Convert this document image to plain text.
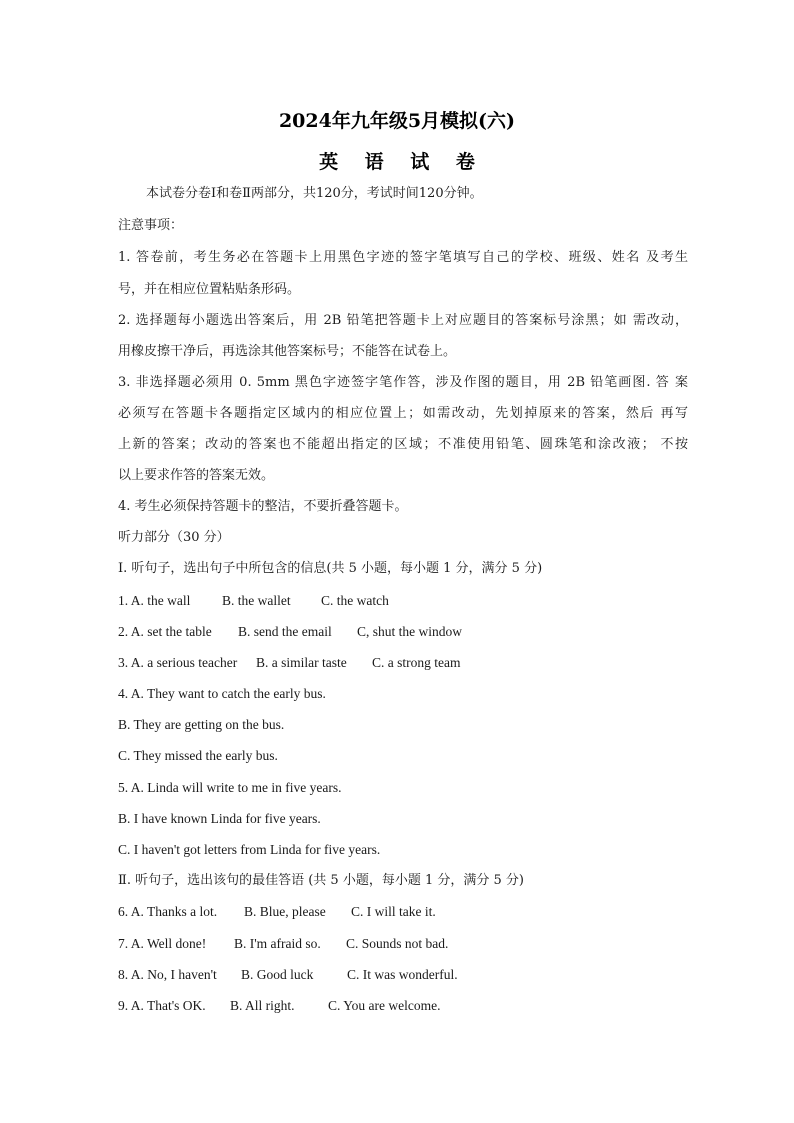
2024年九年级5月模拟(六)
英 语 试 卷
本试卷分卷Ⅰ和卷Ⅱ两部分，共120分，考试时间120分钟。
注意事项：
1. 答卷前，考生务必在答题卡上用黑色字迹的签字笔填写自己的学校、班级、姓名 及考生
号，并在相应位置粘贴条形码。
2. 选择题每小题选出答案后，用 2B 铅笔把答题卡上对应题目的答案标号涂黑；如 需改动，
用橡皮擦干净后，再选涂其他答案标号；不能答在试卷上。
3. 非选择题必须用 0. 5mm 黑色字迹签字笔作答，涉及作图的题目，用 2B 铅笔画图. 答 案
必须写在答题卡各题指定区域内的相应位置上；如需改动，先划掉原来的答案，然后 再写
上新的答案；改动的答案也不能超出指定的区域；不准使用铅笔、圆珠笔和涂改液； 不按
以上要求作答的答案无效。
4. 考生必须保持答题卡的整洁，不要折叠答题卡。
听力部分（30 分）
I. 听句子，选出句子中所包含的信息(共 5 小题，每小题 1 分，满分 5 分)
1. A. the wall B. the wallet C. the watch
2. A. set the table B. send the email C, shut the window
3. A. a serious teacher B. a similar taste C. a strong team
4. A. They want to catch the early bus.
B. They are getting on the bus.
C. They missed the early bus.
5. A. Linda will write to me in five years.
B. I have known Linda for five years.
C. I haven't got letters from Linda for five years.
Ⅱ. 听句子，选出该句的最佳答语 (共 5 小题，每小题 1 分，满分 5 分)
6. A. Thanks a lot. B. Blue, please C. I will take it.
7. A. Well done! B. I'm afraid so. C. Sounds not bad.
8. A. No, I haven't B. Good luck C. It was wonderful.
9. A. That's OK. B. All right. C. You are welcome.
